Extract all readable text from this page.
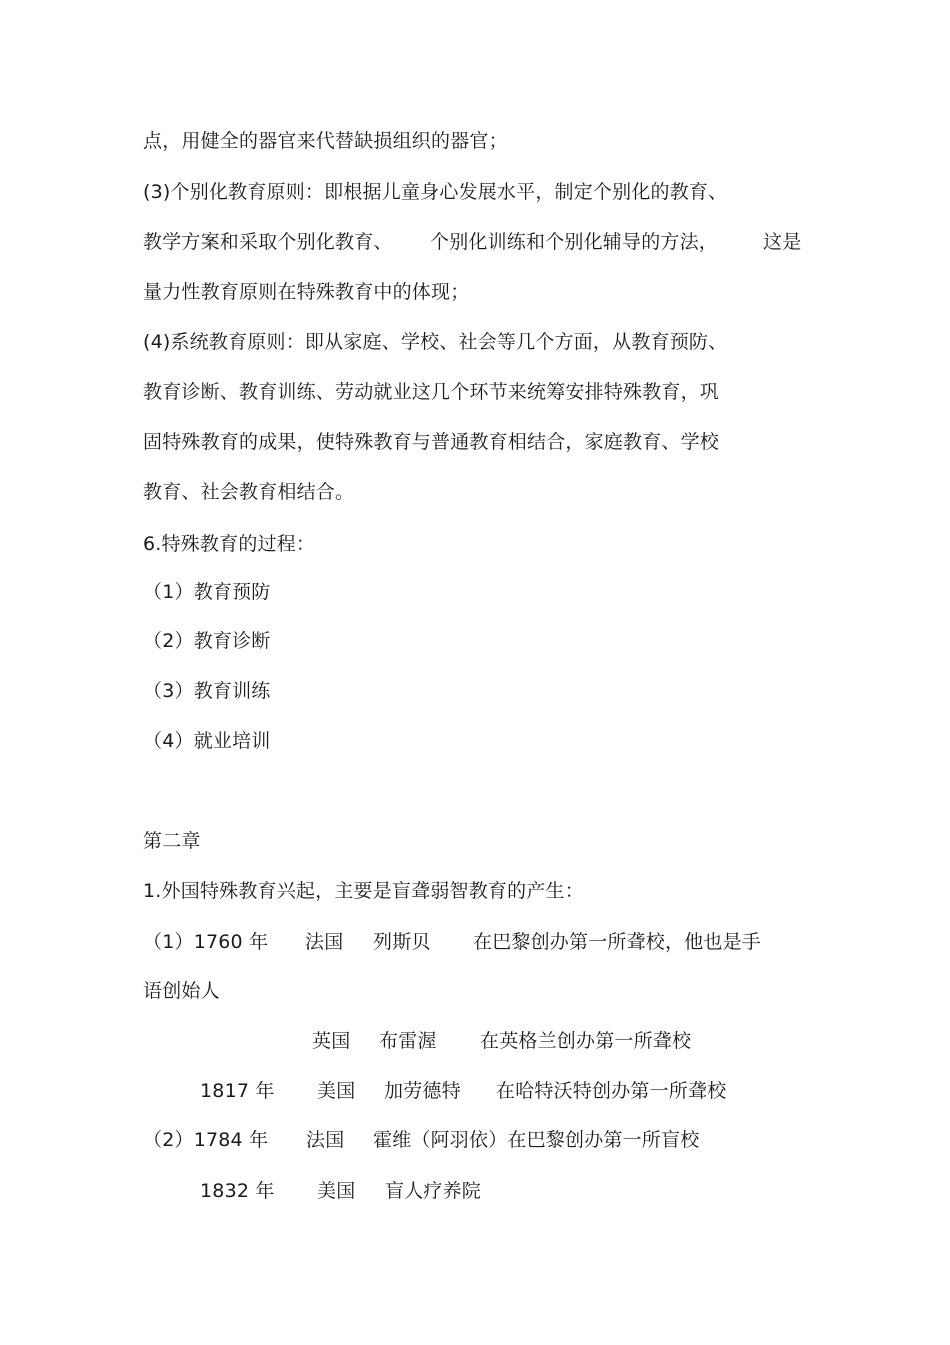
点，用健全的器官来代替缺损组织的器官；
(3)个别化教育原则：即根据儿童身心发展水平，制定个别化的教育、
教学方案和采取个别化教育、 个别化训练和个别化辅导的方法， 这是
量力性教育原则在特殊教育中的体现；
(4)系统教育原则：即从家庭、学校、社会等几个方面，从教育预防、
教育诊断、教育训练、劳动就业这几个环节来统筹安排特殊教育，巩
固特殊教育的成果，使特殊教育与普通教育相结合，家庭教育、学校
教育、社会教育相结合。
6.特殊教育的过程：
（1）教育预防
（2）教育诊断
（3）教育训练
（4）就业培训
第二章
1.外国特殊教育兴起，主要是盲聋弱智教育的产生：
（1）1760 年 法国 列斯贝 在巴黎创办第一所聋校，他也是手
语创始人
英国 布雷渥 在英格兰创办第一所聋校
1817 年 美国 加劳德特 在哈特沃特创办第一所聋校
（2）1784 年 法国 霍维（阿羽依）在巴黎创办第一所盲校
1832 年 美国 盲人疗养院
